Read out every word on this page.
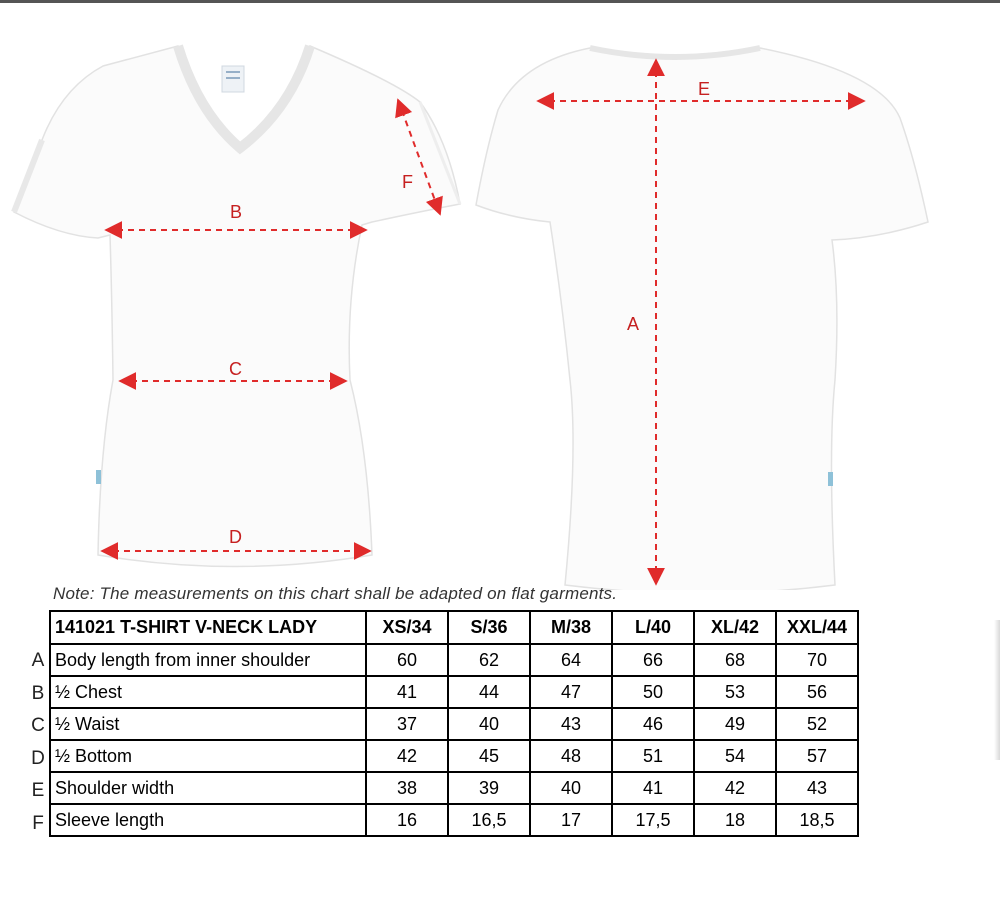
F
B
C
D
E
A
Note: The measurements on this chart shall be adapted on flat garments.
A
B
C
D
E
F
141021 T-SHIRT V-NECK LADY	XS/34	S/36	M/38	L/40	XL/42	XXL/44
Body length from inner shoulder	60	62	64	66	68	70
½ Chest	41	44	47	50	53	56
½ Waist	37	40	43	46	49	52
½ Bottom	42	45	48	51	54	57
Shoulder width	38	39	40	41	42	43
Sleeve length	16	16,5	17	17,5	18	18,5
